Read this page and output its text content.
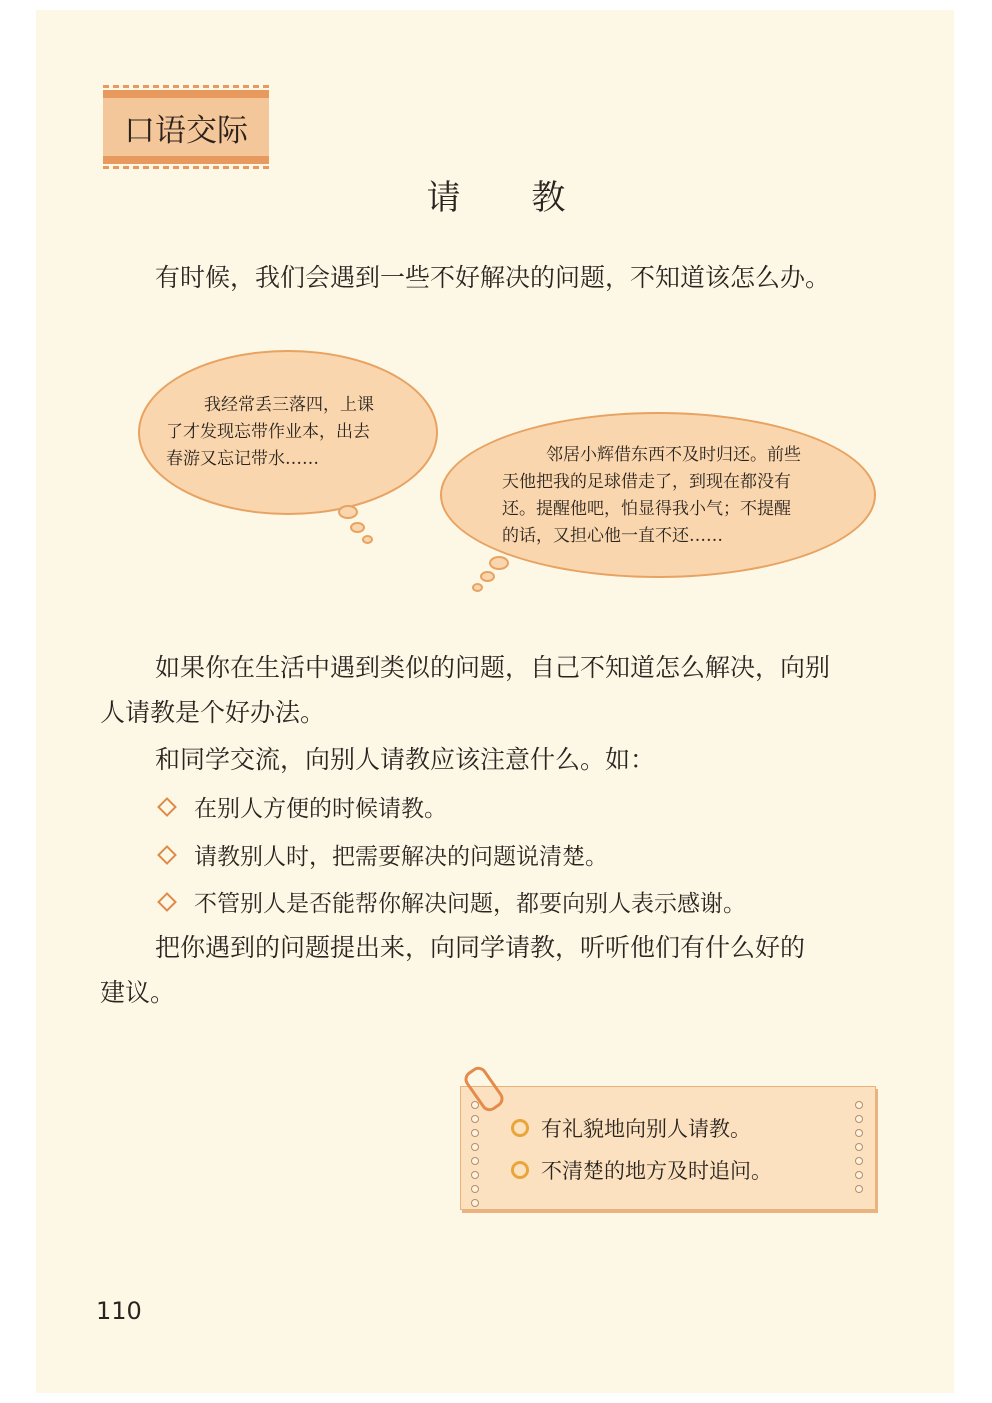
口语交际
请 教
有时候，我们会遇到一些不好解决的问题，不知道该怎么办。
我经常丢三落四，上课
了才发现忘带作业本，出去
春游又忘记带水……	邻居小辉借东西不及时归还。前些
天他把我的足球借走了，到现在都没有
还。提醒他吧，怕显得我小气；不提醒
的话，又担心他一直不还……
如果你在生活中遇到类似的问题，自己不知道怎么解决，向别
人请教是个好办法。
和同学交流，向别人请教应该注意什么。如：
在别人方便的时候请教。
请教别人时，把需要解决的问题说清楚。
不管别人是否能帮你解决问题，都要向别人表示感谢。
把你遇到的问题提出来，向同学请教，听听他们有什么好的
建议。
有礼貌地向别人请教。
不清楚的地方及时追问。
110
